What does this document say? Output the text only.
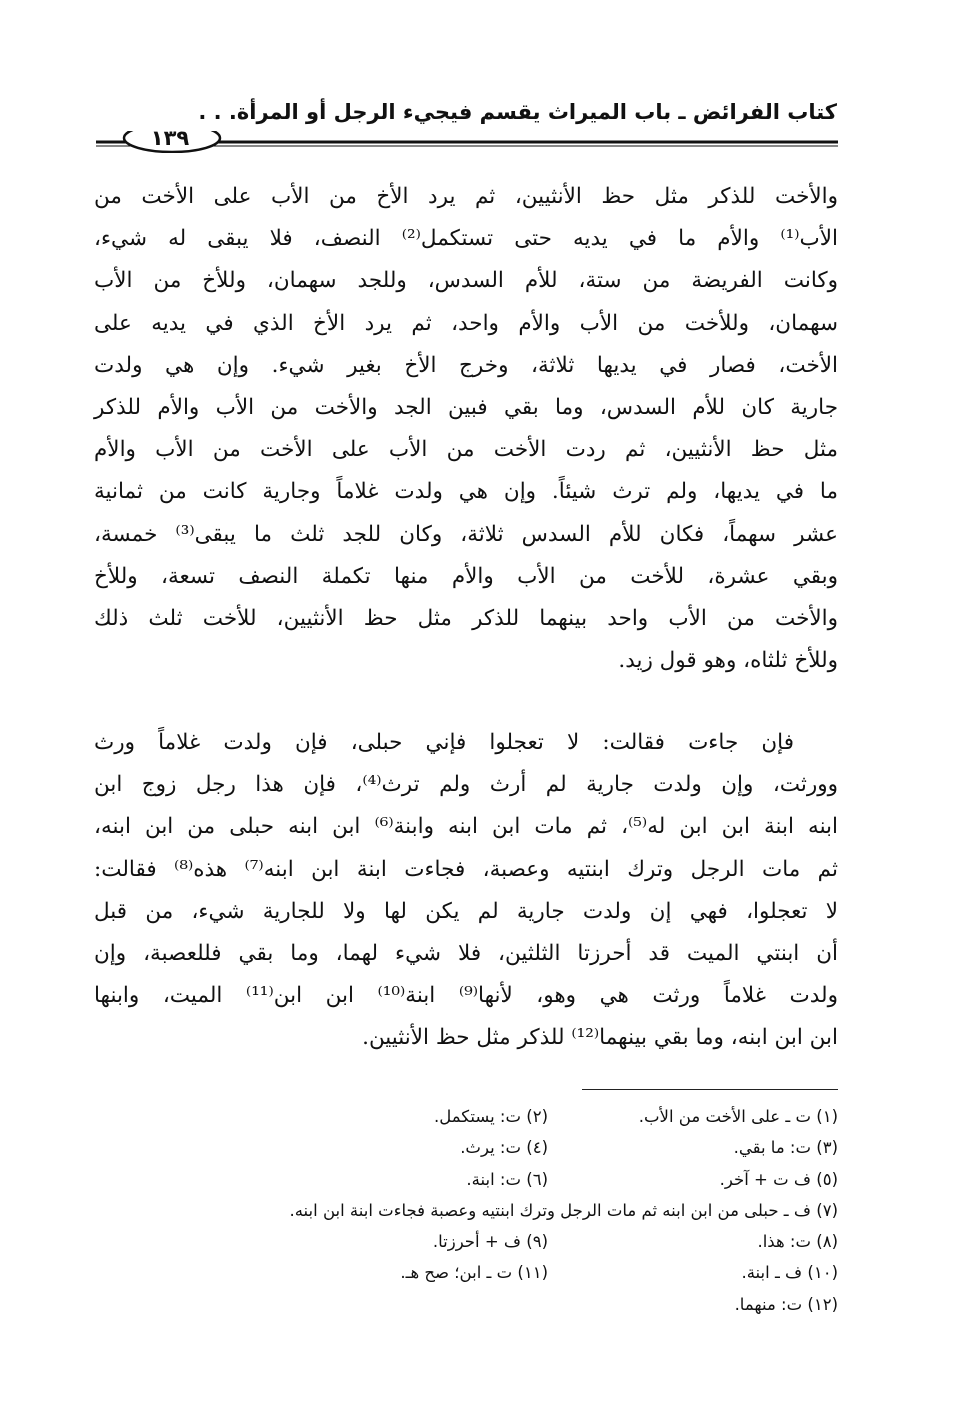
كتاب الفرائض ـ باب الميراث يقسم فيجيء الرجل أو المرأة. . .
١٣٩
والأخت للذكر مثل حظ الأنثيين، ثم يرد الأخ من الأب على الأخت من
الأب⁽¹⁾ والأم ما في يديه حتى تستكمل⁽²⁾ النصف، فلا يبقى له شيء،
وكانت الفريضة من ستة، للأم السدس، وللجد سهمان، وللأخ من الأب
سهمان، وللأخت من الأب والأم واحد، ثم يرد الأخ الذي في يديه على
الأخت، فصار في يديها ثلاثة، وخرج الأخ بغير شيء. وإن هي ولدت
جارية كان للأم السدس، وما بقي فبين الجد والأخت من الأب والأم للذكر
مثل حظ الأنثيين، ثم ردت الأخت من الأب على الأخت من الأب والأم
ما في يديها، ولم ترث شيئاً. وإن هي ولدت غلاماً وجارية كانت من ثمانية
عشر سهماً، فكان للأم السدس ثلاثة، وكان للجد ثلث ما يبقى⁽³⁾ خمسة،
وبقي عشرة، للأخت من الأب والأم منها تكملة النصف تسعة، وللأخ
والأخت من الأب واحد بينهما للذكر مثل حظ الأنثيين، للأخت ثلث ذلك
وللأخ ثلثاه، وهو قول زيد.
فإن جاءت فقالت: لا تعجلوا فإني حبلى، فإن ولدت غلاماً ورث
وورثت، وإن ولدت جارية لم أرث ولم ترث⁽⁴⁾، فإن هذا رجل زوج ابن
ابنه ابنة ابن ابن له⁽⁵⁾، ثم مات ابن ابنه وابنة⁽⁶⁾ ابن ابنه حبلى من ابن ابنه،
ثم مات الرجل وترك ابنتيه وعصبة، فجاءت ابنة ابن ابنه⁽⁷⁾ هذه⁽⁸⁾ فقالت:
لا تعجلوا، فهي إن ولدت جارية لم يكن لها ولا للجارية شيء، من قبل
أن ابنتي الميت قد أحرزتا الثلثين، فلا شيء لهما، وما بقي فللعصبة، وإن
ولدت غلاماً ورثت هي وهو، لأنها⁽⁹⁾ ابنة⁽¹⁰⁾ ابن ابن⁽¹¹⁾ الميت، وابنها
ابن ابن ابنه، وما بقي بينهما⁽¹²⁾ للذكر مثل حظ الأنثيين.
(١) ت ـ على الأخت من الأب.
(٢) ت: يستكمل.
(٣) ت: ما بقي.
(٤) ت: يرث.
(٥) ف ت + آخر.
(٦) ت: ابنة.
(٧) ف ـ حبلى من ابن ابنه ثم مات الرجل وترك ابنتيه وعصبة فجاءت ابنة ابن ابنه.
(٨) ت: هذا.
(٩) ف + أحرزتا.
(١٠) ف ـ ابنة.
(١١) ت ـ ابن؛ صح هـ.
(١٢) ت: منهما.
